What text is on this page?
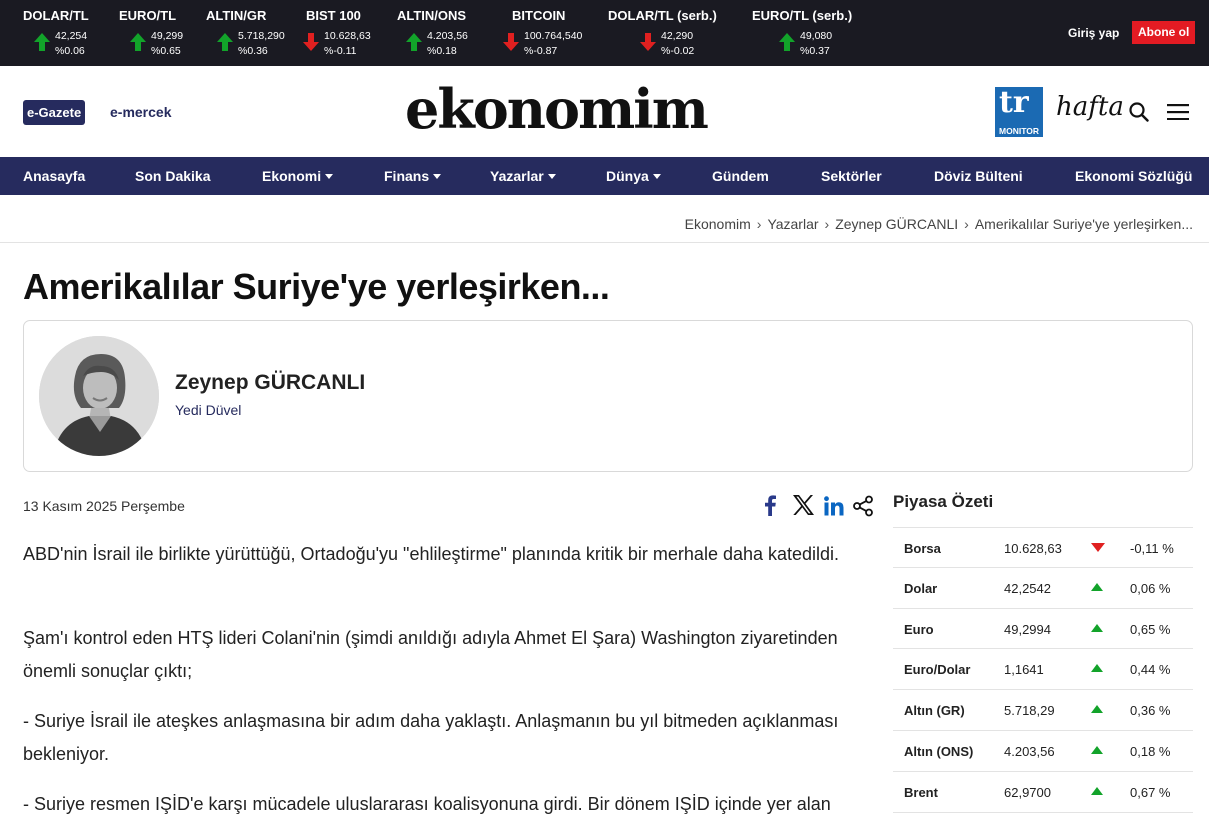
DOLAR/TL
42,254
%0.06
EURO/TL
49,299
%0.65
ALTIN/GR
5.718,290
%0.36
BIST 100
10.628,63
%-0.11
ALTIN/ONS
4.203,56
%0.18
BITCOIN
100.764,540
%-0.87
DOLAR/TL (serb.)
42,290
%-0.02
EURO/TL (serb.)
49,080
%0.37
Giriş yap	Abone ol
e-Gazete e-mercek	ekonomim	tr
MONITOR
hafta
Anasayfa	Son Dakika	Ekonomi	Finans	Yazarlar	Dünya	Gündem	Sektörler	Döviz Bülteni	Ekonomi Sözlüğü
Ekonomim › Yazarlar › Zeynep GÜRCANLI › Amerikalılar Suriye'ye yerleşirken...
Amerikalılar Suriye'ye yerleşirken...
Zeynep GÜRCANLI
Yedi Düvel
13 Kasım 2025 Perşembe

ABD'nin İsrail ile birlikte yürüttüğü, Ortadoğu'yu "ehlileştirme" planında kritik bir merhale daha katedildi.

Şam'ı kontrol eden HTŞ lideri Colani'nin (şimdi anıldığı adıyla Ahmet El Şara) Washington ziyaretinden önemli sonuçlar çıktı;

- Suriye İsrail ile ateşkes anlaşmasına bir adım daha yaklaştı. Anlaşmanın bu yıl bitmeden açıklanması bekleniyor.

- Suriye resmen IŞİD'e karşı mücadele uluslararası koalisyonuna girdi. Bir dönem IŞİD içinde yer alan

Piyasa Özeti
Borsa	10.628,63	-0,11 %
Dolar	42,2542	0,06 %
Euro	49,2994	0,65 %
Euro/Dolar	1,1641	0,44 %
Altın (GR)	5.718,29	0,36 %
Altın (ONS) 4.203,56	0,18 %
Brent	62,9700	0,67 %
